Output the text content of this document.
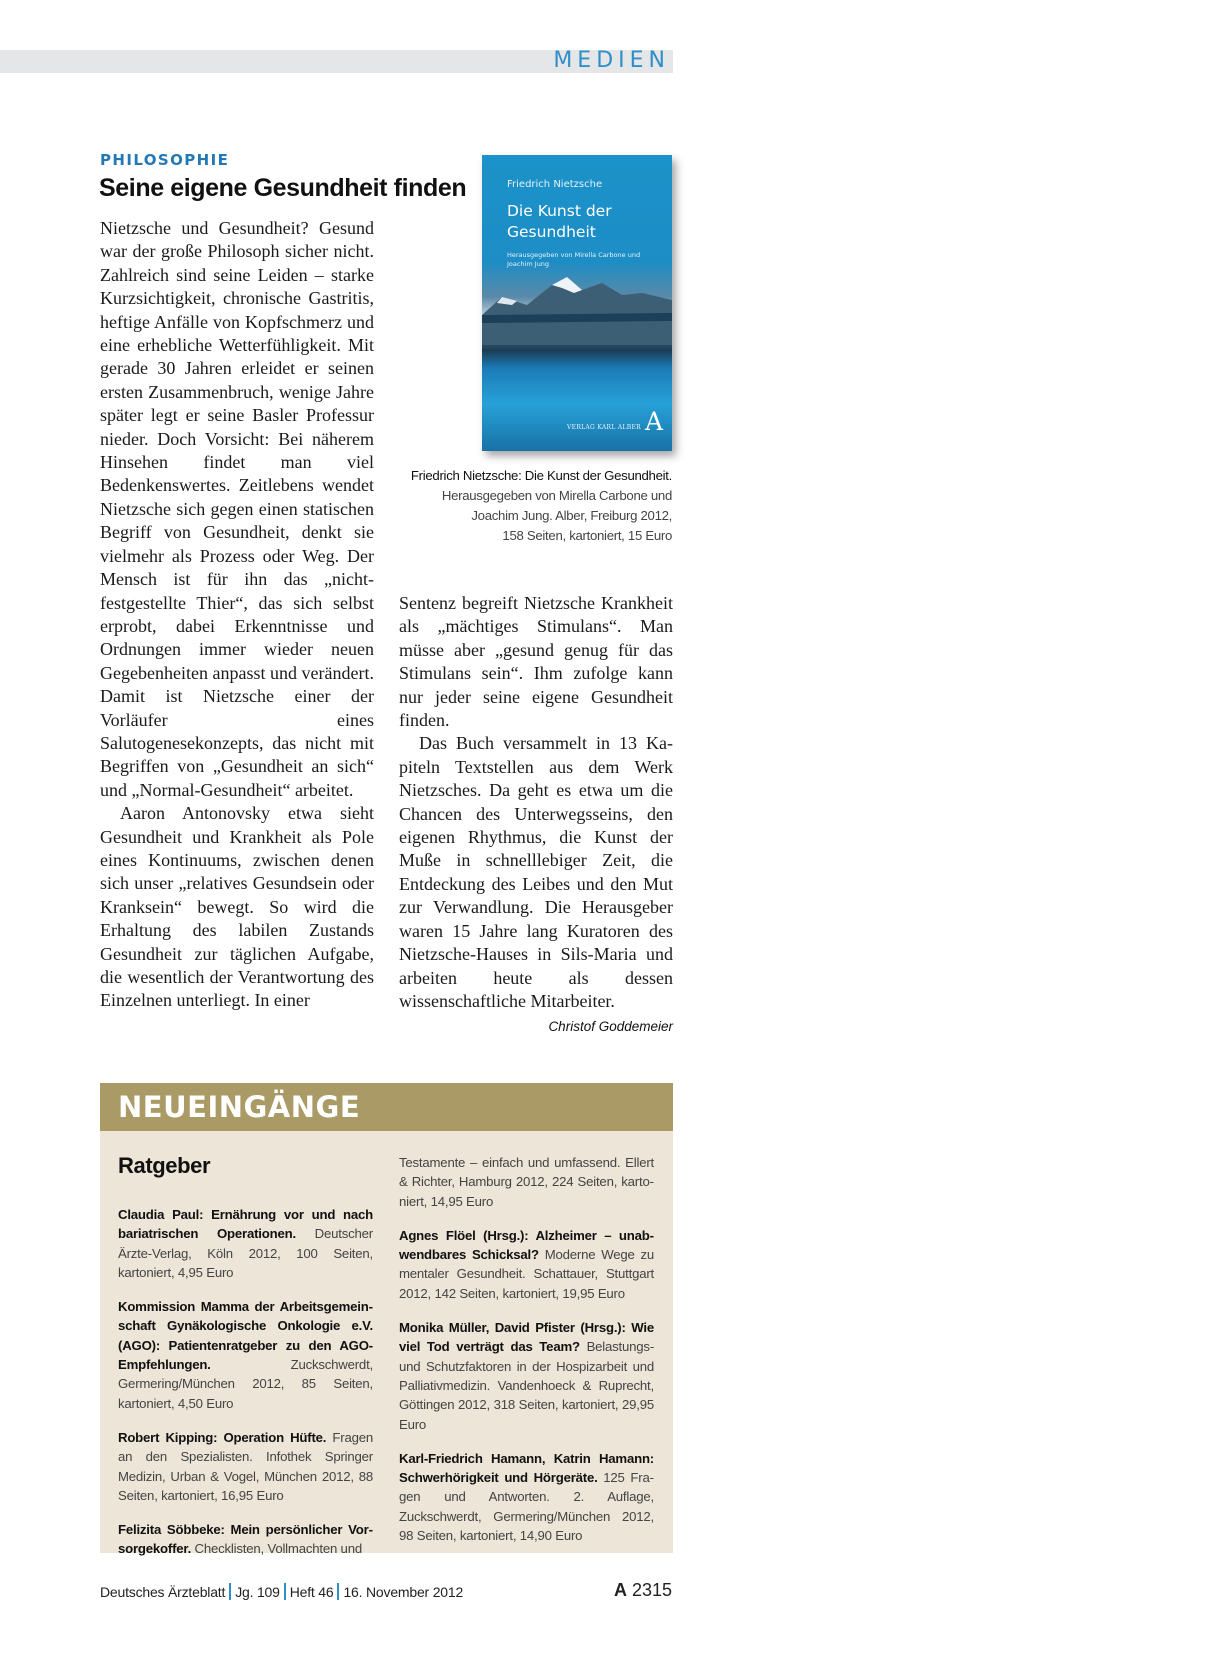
MEDIEN
PHILOSOPHIE
Seine eigene Gesundheit finden	Friedrich Nietzsche
Die Kunst der Gesundheit
Herausgegeben von Mirella Carbone und Joachim Jung
VERLAG KARL ALBER A
Friedrich Nietzsche: Die Kunst der Gesundheit.
Herausgegeben von Mirella Carbone und
Joachim Jung. Alber, Freiburg 2012,
158 Seiten, kartoniert, 15 Euro

Nietzsche und Gesundheit? Gesund war der große Philosoph sicher nicht. Zahlreich sind seine Leiden – starke Kurzsichtigkeit, chronische Gastritis, heftige Anfälle von Kopfschmerz und eine erhebliche Wetterfühligkeit. Mit gerade 30 Jahren erleidet er seinen ersten Zusammenbruch, wenige Jahre später legt er seine Basler Professur nieder. Doch Vorsicht: Bei näherem Hinsehen findet man viel Bedenkenswertes. Zeitlebens wendet Nietzsche sich gegen einen statischen Begriff von Gesundheit, denkt sie vielmehr als Prozess oder Weg. Der Mensch ist für ihn das „nicht-festgestellte Thier“, das sich selbst erprobt, dabei Erkenntnisse und Ordnungen immer wieder neuen Gegebenheiten anpasst und verändert. Damit ist Nietzsche einer der Vorläufer eines Salutogenesekonzepts, das nicht mit Begriffen von „Gesundheit an sich“ und „Normal-Gesundheit“ arbeitet.

Aaron Antonovsky etwa sieht Gesundheit und Krankheit als Pole eines Kontinuums, zwischen denen sich unser „relatives Gesundsein oder Kranksein“ bewegt. So wird die Erhaltung des labilen Zustands Gesundheit zur täglichen Aufgabe, die wesentlich der Verantwortung des Einzelnen unterliegt. In einer

Sentenz begreift Nietzsche Krankheit als „mächtiges Stimulans“. Man müsse aber „gesund genug für das Stimulans sein“. Ihm zufolge kann nur jeder seine eigene Gesundheit finden.

Das Buch versammelt in 13 Kapiteln Textstellen aus dem Werk Nietzsches. Da geht es etwa um die Chancen des Unterwegsseins, den eigenen Rhythmus, die Kunst der Muße in schnelllebiger Zeit, die Entdeckung des Leibes und den Mut zur Verwandlung. Die Herausgeber waren 15 Jahre lang Kuratoren des Nietzsche-Hauses in Sils-Maria und arbeiten heute als dessen wissenschaftliche Mitarbeiter.

Christof Goddemeier
NEUEINGÄNGE
Ratgeber

Claudia Paul: Ernährung vor und nach bariatrischen Operationen. Deutscher Ärzte-Verlag, Köln 2012, 100 Seiten, kartoniert, 4,95 Euro

Kommission Mamma der Arbeitsgemeinschaft Gynäkologische Onkologie e.V. (AGO): Patientenratgeber zu den AGO-Empfehlungen. Zuckschwerdt, Germering/München 2012, 85 Seiten, kartoniert, 4,50 Euro

Robert Kipping: Operation Hüfte. Fragen an den Spezialisten. Infothek Springer Medizin, Urban & Vogel, München 2012, 88 Seiten, kartoniert, 16,95 Euro

Felizita Söbbeke: Mein persönlicher Vorsorgekoffer. Checklisten, Vollmachten und

Testamente – einfach und umfassend. Ellert & Richter, Hamburg 2012, 224 Seiten, kartoniert, 14,95 Euro

Agnes Flöel (Hrsg.): Alzheimer – unabwendbares Schicksal? Moderne Wege zu mentaler Gesundheit. Schattauer, Stuttgart 2012, 142 Seiten, kartoniert, 19,95 Euro

Monika Müller, David Pfister (Hrsg.): Wie viel Tod verträgt das Team? Belastungs- und Schutzfaktoren in der Hospizarbeit und Palliativmedizin. Vandenhoeck & Ruprecht, Göttingen 2012, 318 Seiten, kartoniert, 29,95 Euro

Karl-Friedrich Hamann, Katrin Hamann: Schwerhörigkeit und Hörgeräte. 125 Fragen und Antworten. 2. Auflage, Zuckschwerdt, Germering/München 2012, 98 Seiten, kartoniert, 14,90 Euro

Deutsches Ärzteblatt Jg. 109 Heft 46 16. November 2012	A 2315
